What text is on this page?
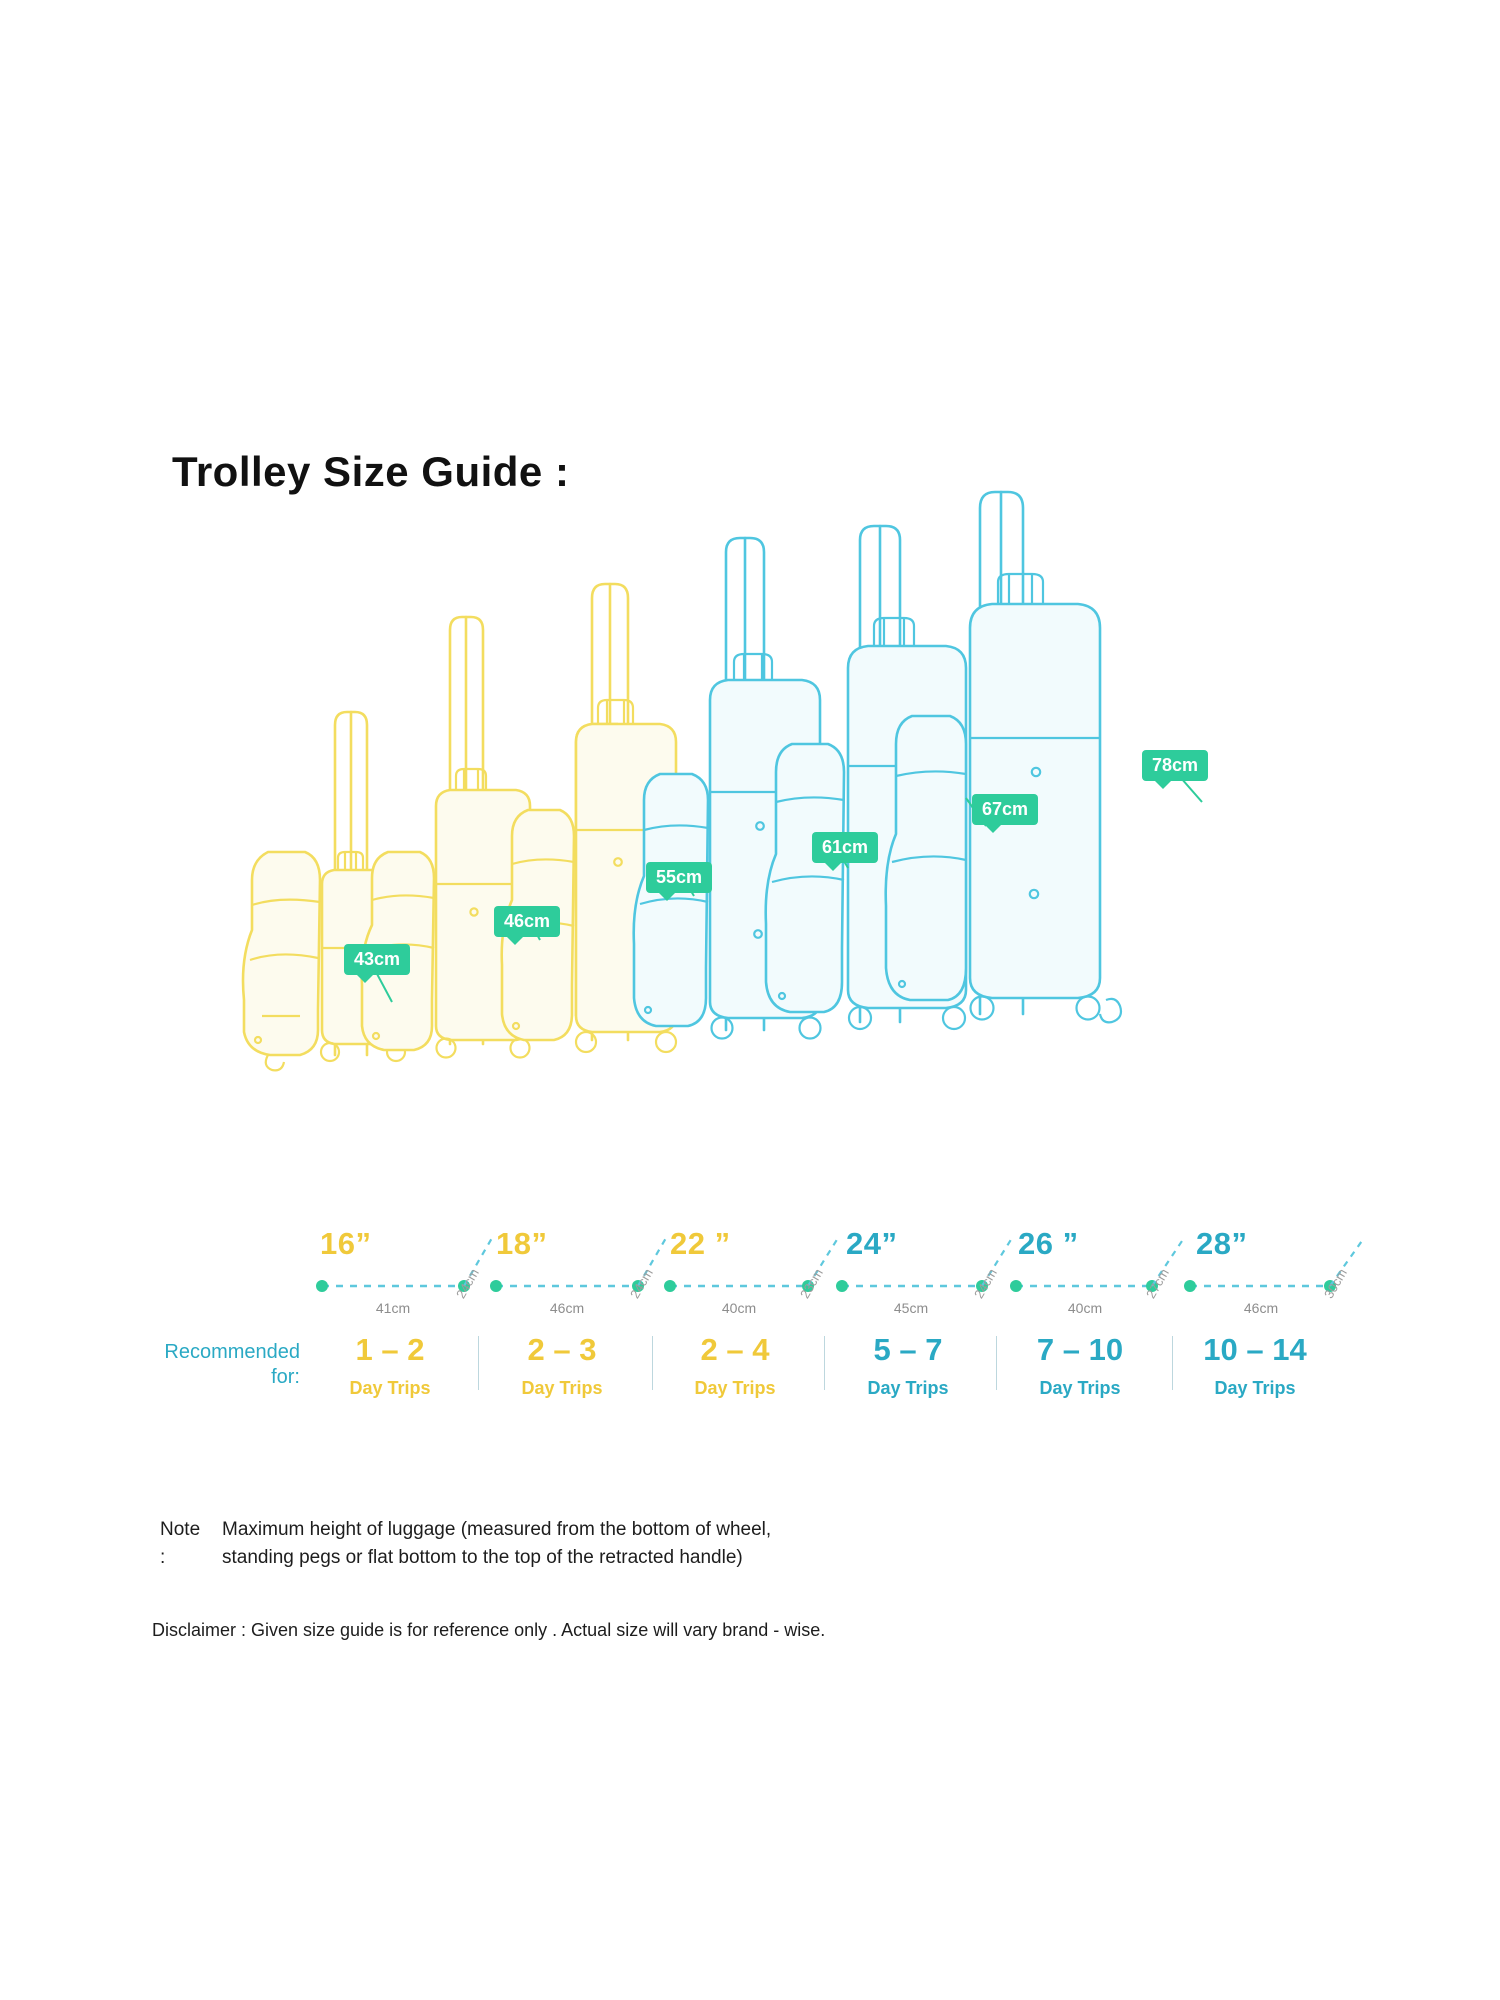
Trolley Size Guide :
43cm
46cm
55cm
61cm
67cm
78cm
16”	18”	22 ”	24”	26 ”	28”
24cm	24cm	23cm	24cm	27cm	30cm
41cm	46cm	40cm	45cm	40cm	46cm
Recommended
for:
1 – 2
Day Trips
2 – 3
Day Trips
2 – 4
Day Trips
5 – 7
Day Trips
7 – 10
Day Trips
10 – 14
Day Trips
Note :
Maximum height of luggage (measured from the bottom of wheel,
standing pegs or flat bottom to the top of the retracted handle)
Disclaimer : Given size guide is for reference only . Actual size will vary brand - wise.
